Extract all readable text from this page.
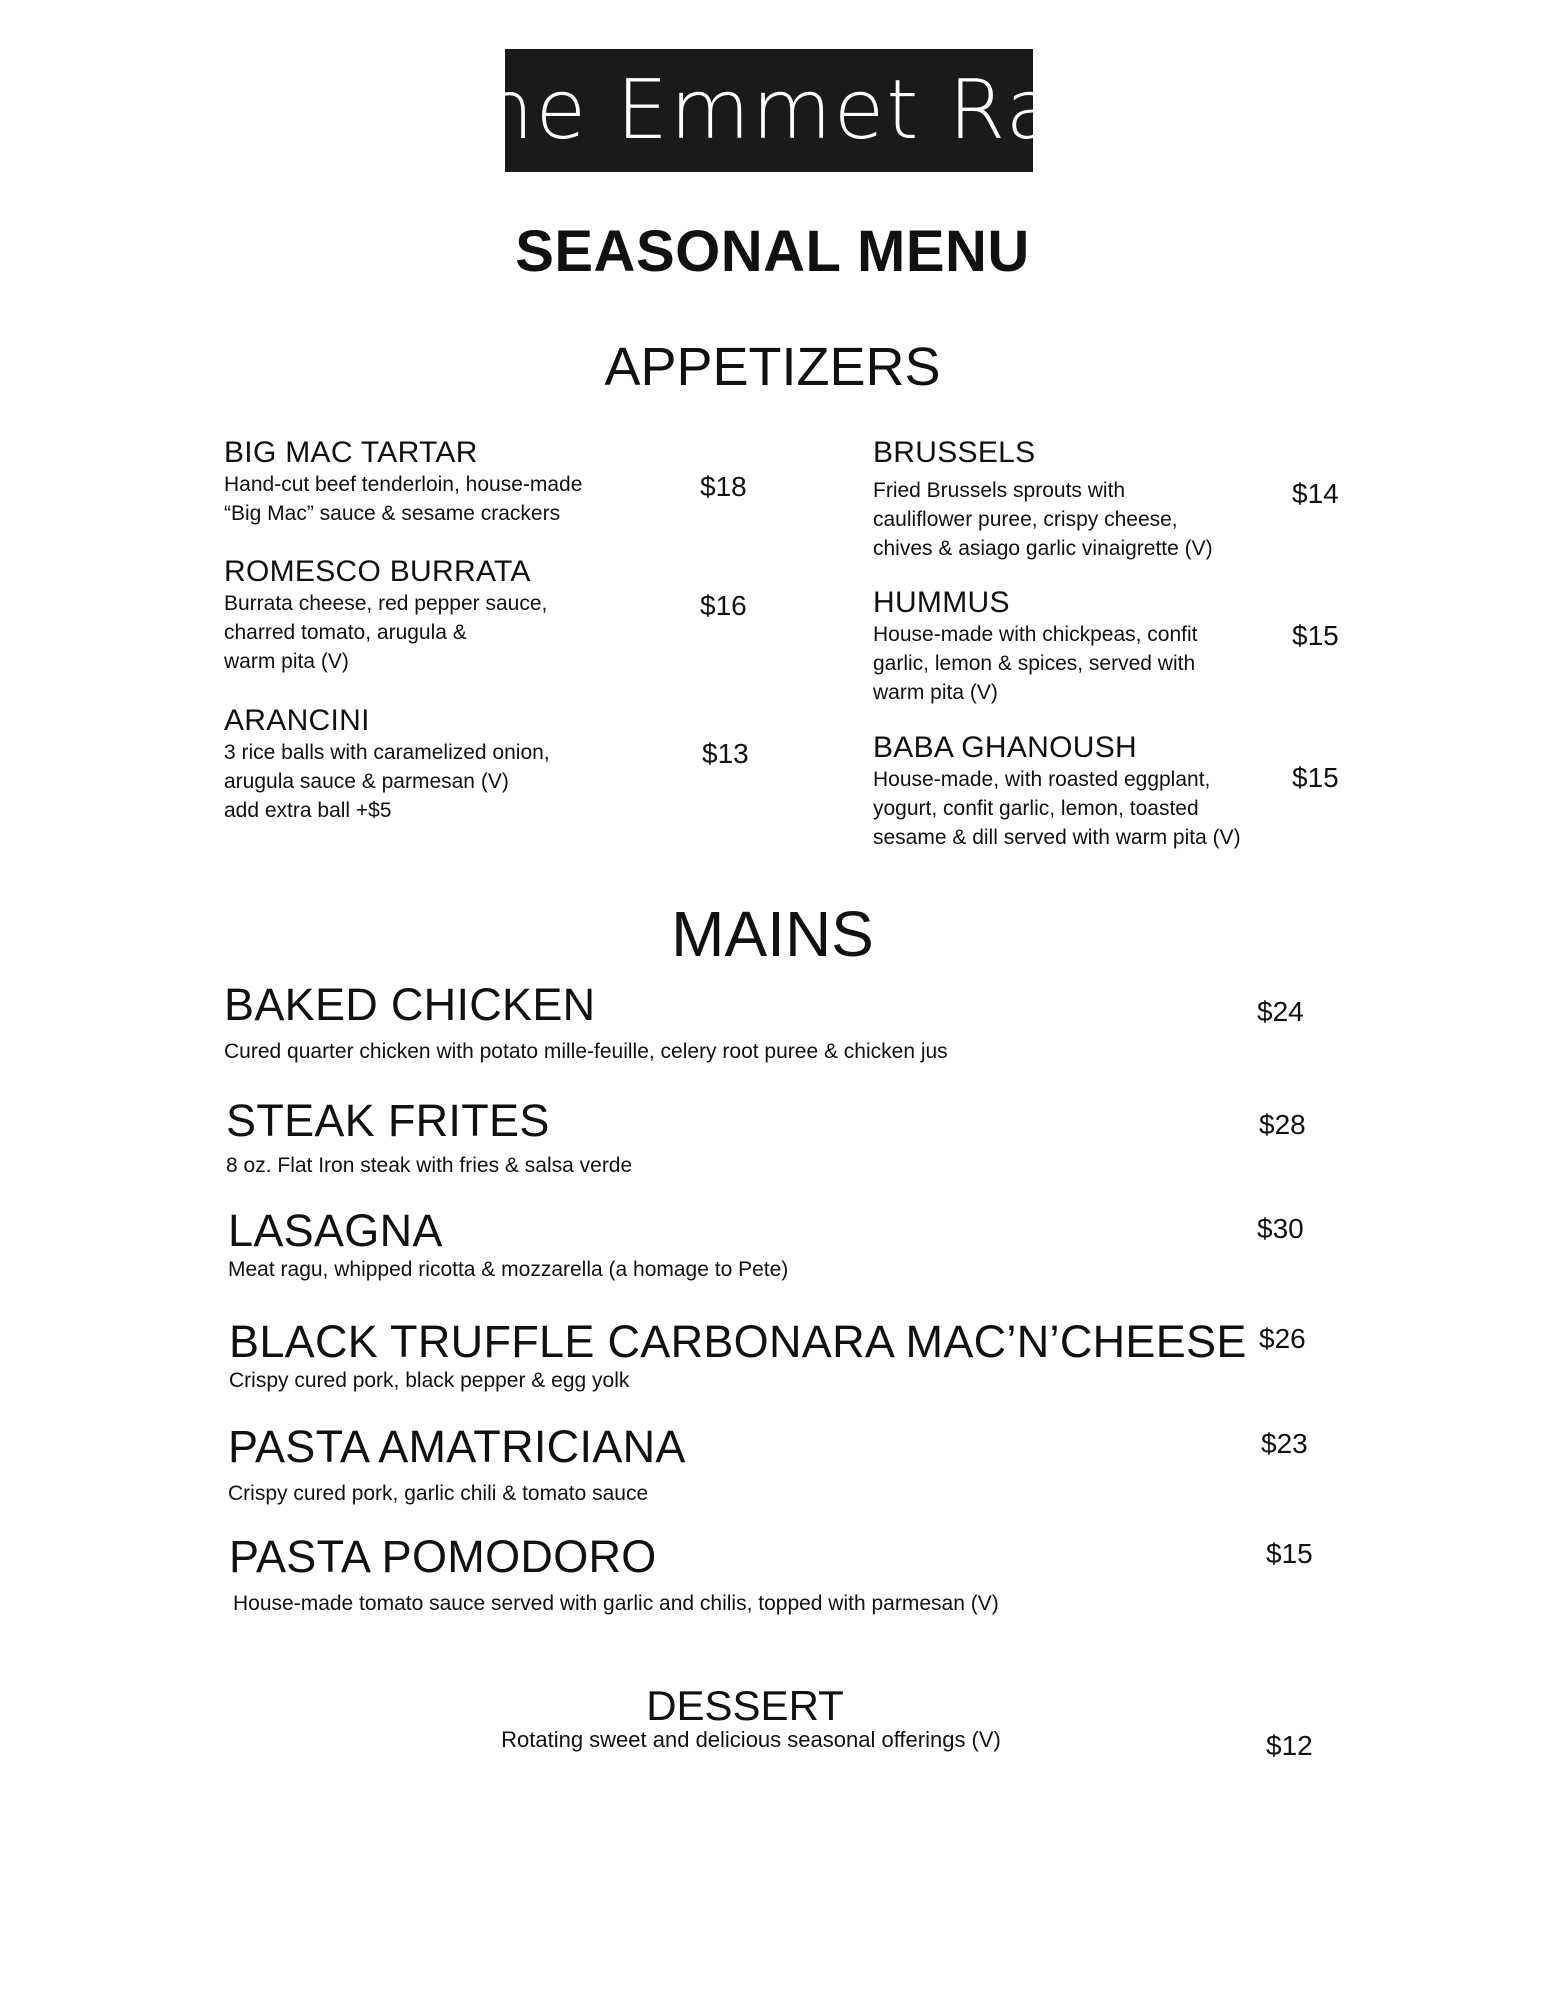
The Emmet Ray
SEASONAL MENU
APPETIZERS
BIG MAC TARTAR
Hand-cut beef tenderloin, house-made
“Big Mac” sauce & sesame crackers
$18
ROMESCO BURRATA
Burrata cheese, red pepper sauce,
charred tomato, arugula &
warm pita (V)
$16
ARANCINI
3 rice balls with caramelized onion,
arugula sauce & parmesan (V)
add extra ball +$5
$13
BRUSSELS
Fried Brussels sprouts with
cauliflower puree, crispy cheese,
chives & asiago garlic vinaigrette (V)
$14
HUMMUS
House-made with chickpeas, confit
garlic, lemon & spices, served with
warm pita (V)
$15
BABA GHANOUSH
House-made, with roasted eggplant,
yogurt, confit garlic, lemon, toasted
sesame & dill served with warm pita (V)
$15
MAINS
BAKED CHICKEN
Cured quarter chicken with potato mille-feuille, celery root puree & chicken jus
$24
STEAK FRITES
8 oz. Flat Iron steak with fries & salsa verde
$28
LASAGNA
Meat ragu, whipped ricotta & mozzarella (a homage to Pete)
$30
BLACK TRUFFLE CARBONARA MAC’N’CHEESE
Crispy cured pork, black pepper & egg yolk
$26
PASTA AMATRICIANA
Crispy cured pork, garlic chili & tomato sauce
$23
PASTA POMODORO
House-made tomato sauce served with garlic and chilis, topped with parmesan (V)
$15
DESSERT
Rotating sweet and delicious seasonal offerings (V)	$12
